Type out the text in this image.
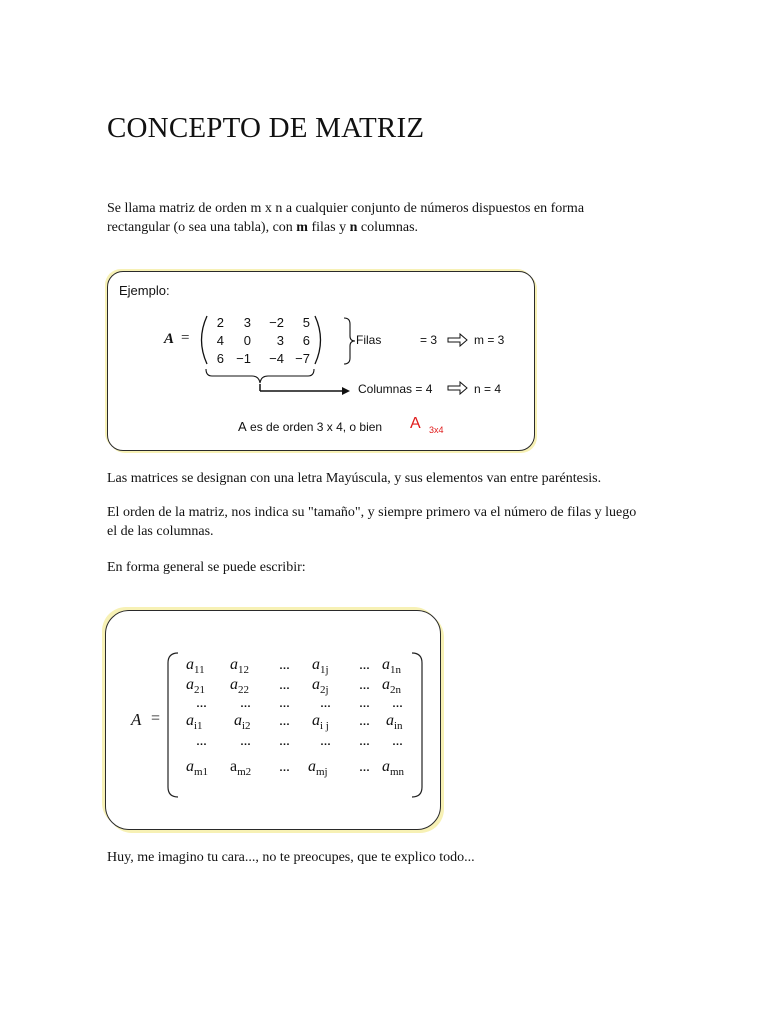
CONCEPTO DE MATRIZ
Se llama matriz de orden m x n a cualquier conjunto de números dispuestos en forma
rectangular (o sea una tabla), con m filas y n columnas.
Ejemplo:
A =
2	3	−2	5
4	0	3	6
6 −1	−4 −7
Filas	= 3	m = 3
Columnas = 4	n = 4
A es de orden 3 x 4, o bien A 3x4
Las matrices se designan con una letra Mayúscula, y sus elementos van entre paréntesis.
El orden de la matriz, nos indica su "tamaño", y siempre primero va el número de filas y luego el de las columnas.
En forma general se puede escribir:
A =
$a_{11}$ $a_{12}$	… $a_{1j}$	… $a_{1n}$
$a_{21}$ $a_{22}$	… $a_{2j}$	… $a_{2n}$
…	…	…	…	… …
$a_{i1}$ $a_{i2}$	… $a_{i j}$	… $a_{in}$
…	…	…	…	… …
$a_{m1}$ $a_{m2}$	… $a_{mj}$	… $a_{mn}$
Huy, me imagino tu cara..., no te preocupes, que te explico todo...
